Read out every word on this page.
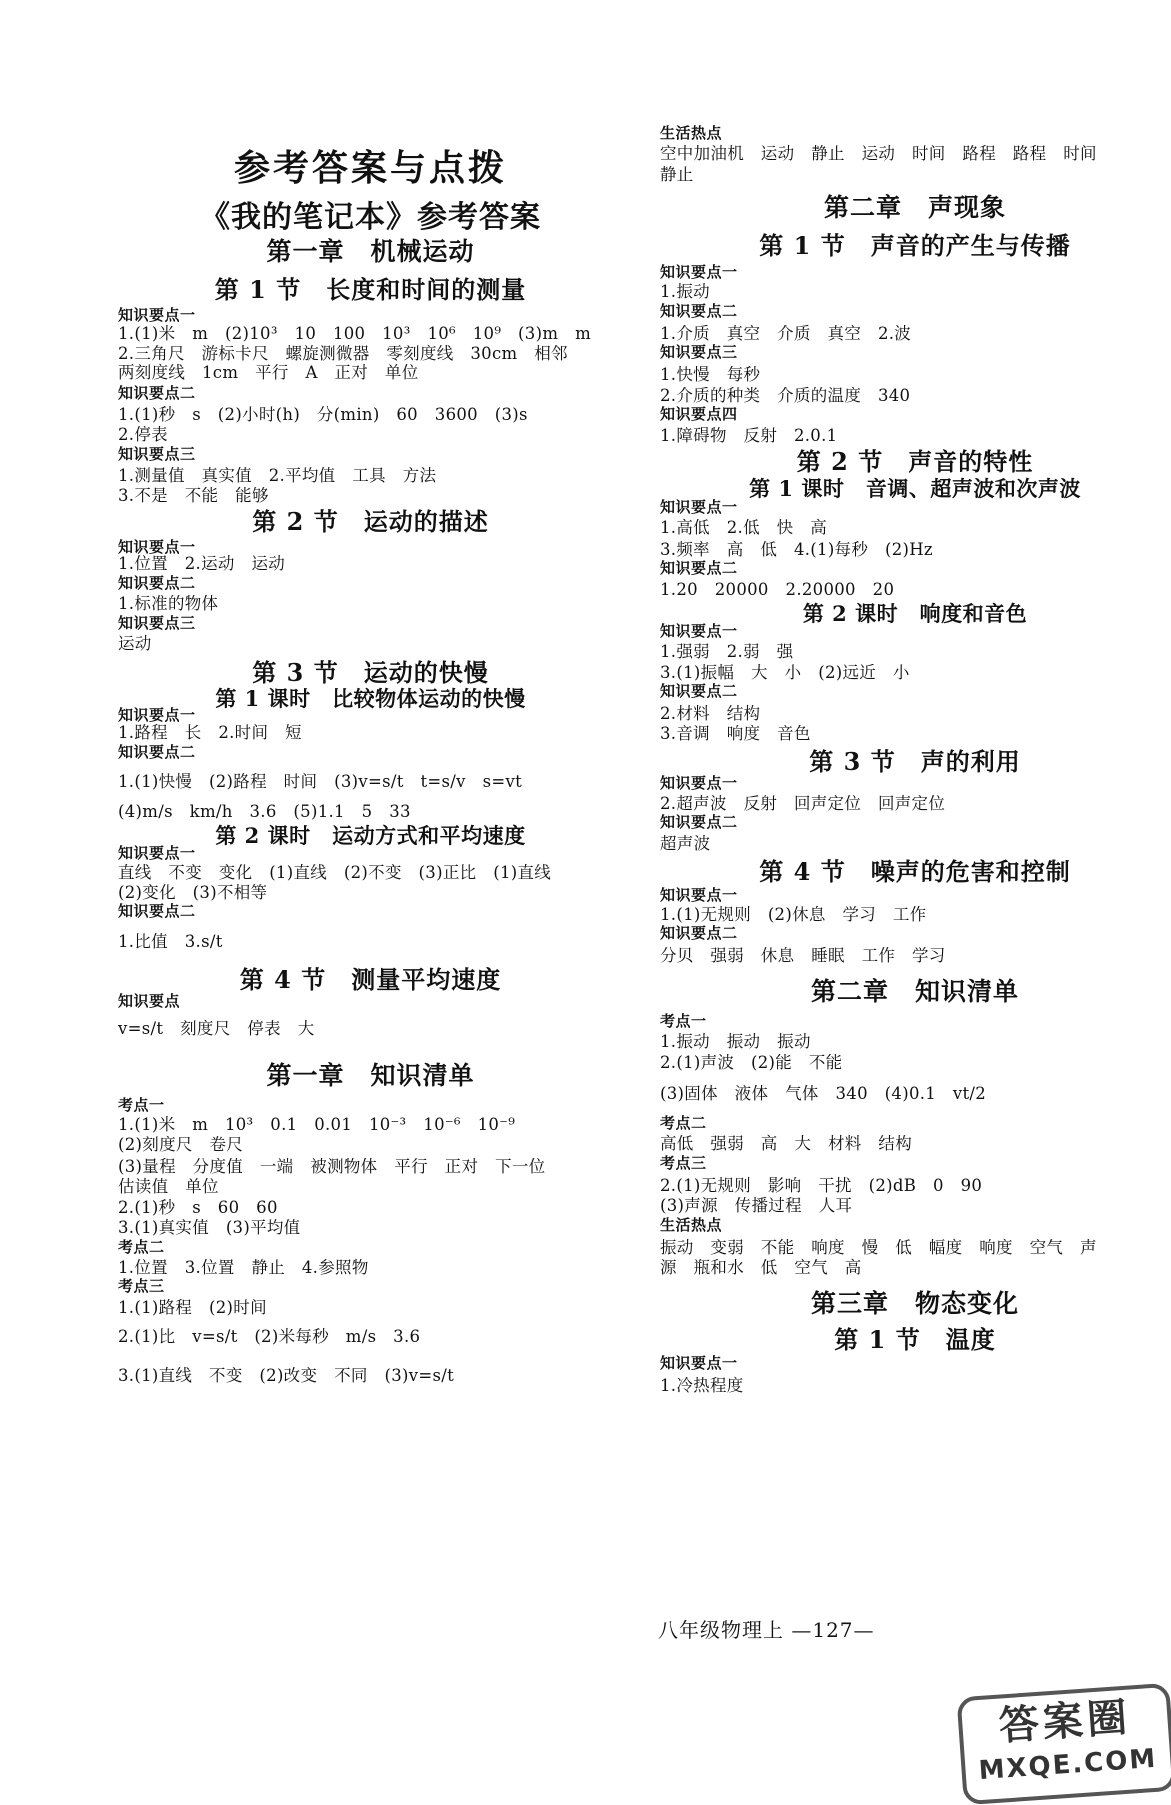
参考答案与点拨
《我的笔记本》参考答案
第一章　机械运动
第 1 节　长度和时间的测量
知识要点一
1.(1)米　m　(2)10³　10　100　10³　10⁶　10⁹　(3)m　m
2.三角尺　游标卡尺　螺旋测微器　零刻度线　30cm　相邻
两刻度线　1cm　平行　A　正对　单位
知识要点二
1.(1)秒　s　(2)小时(h)　分(min)　60　3600　(3)s
2.停表
知识要点三
1.测量值　真实值　2.平均值　工具　方法
3.不是　不能　能够
第 2 节　运动的描述
知识要点一
1.位置　2.运动　运动
知识要点二
1.标准的物体
知识要点三
运动
第 3 节　运动的快慢
第 1 课时　比较物体运动的快慢
知识要点一
1.路程　长　2.时间　短
知识要点二
1.(1)快慢　(2)路程　时间　(3)v=s/t　t=s/v　s=vt
(4)m/s　km/h　3.6　(5)1.1　5　33
第 2 课时　运动方式和平均速度
知识要点一
直线　不变　变化　(1)直线　(2)不变　(3)正比　(1)直线
(2)变化　(3)不相等
知识要点二
1.比值　3.s/t
第 4 节　测量平均速度
知识要点
v=s/t　刻度尺　停表　大
第一章　知识清单
考点一
1.(1)米　m　10³　0.1　0.01　10⁻³　10⁻⁶　10⁻⁹
(2)刻度尺　卷尺
(3)量程　分度值　一端　被测物体　平行　正对　下一位
估读值　单位
2.(1)秒　s　60　60
3.(1)真实值　(3)平均值
考点二
1.位置　3.位置　静止　4.参照物
考点三
1.(1)路程　(2)时间
2.(1)比　v=s/t　(2)米每秒　m/s　3.6
3.(1)直线　不变　(2)改变　不同　(3)v=s/t
生活热点
空中加油机　运动　静止　运动　时间　路程　路程　时间
静止
第二章　声现象
第 1 节　声音的产生与传播
知识要点一
1.振动
知识要点二
1.介质　真空　介质　真空　2.波
知识要点三
1.快慢　每秒
2.介质的种类　介质的温度　340
知识要点四
1.障碍物　反射　2.0.1
第 2 节　声音的特性
第 1 课时　音调、超声波和次声波
知识要点一
1.高低　2.低　快　高
3.频率　高　低　4.(1)每秒　(2)Hz
知识要点二
1.20　20000　2.20000　20
第 2 课时　响度和音色
知识要点一
1.强弱　2.弱　强
3.(1)振幅　大　小　(2)远近　小
知识要点二
2.材料　结构
3.音调　响度　音色
第 3 节　声的利用
知识要点一
2.超声波　反射　回声定位　回声定位
知识要点二
超声波
第 4 节　噪声的危害和控制
知识要点一
1.(1)无规则　(2)休息　学习　工作
知识要点二
分贝　强弱　休息　睡眠　工作　学习
第二章　知识清单
考点一
1.振动　振动　振动
2.(1)声波　(2)能　不能
(3)固体　液体　气体　340　(4)0.1　vt/2
考点二
高低　强弱　高　大　材料　结构
考点三
2.(1)无规则　影响　干扰　(2)dB　0　90
(3)声源　传播过程　人耳
生活热点
振动　变弱　不能　响度　慢　低　幅度　响度　空气　声
源　瓶和水　低　空气　高
第三章　物态变化
第 1 节　温度
知识要点一
1.冷热程度
八年级物理上 —127—
答案圈
MXQE.COM
